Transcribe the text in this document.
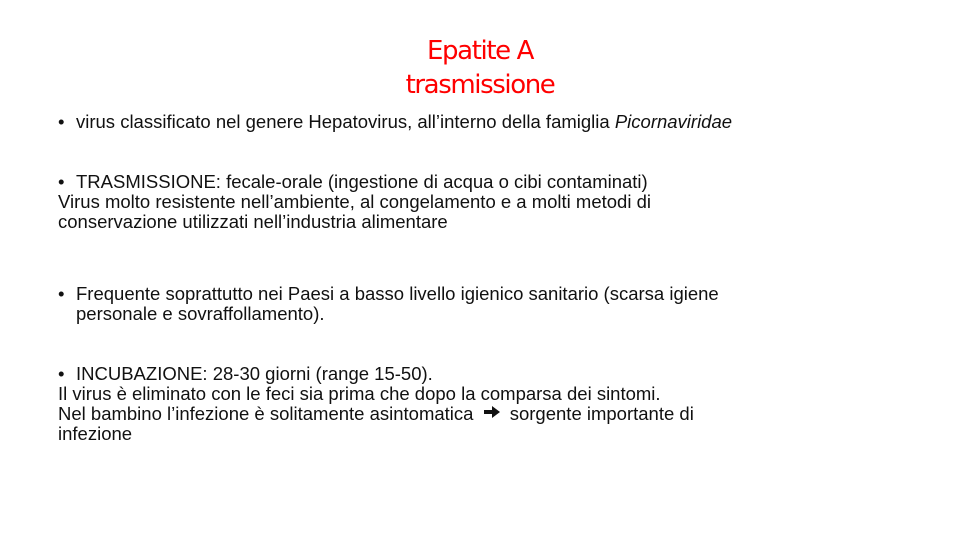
Epatite A
trasmissione
• virus classificato nel genere Hepatovirus, all’interno della famiglia Picornaviridae
• TRASMISSIONE: fecale-orale (ingestione di acqua o cibi contaminati)
Virus molto resistente nell’ambiente, al congelamento e a molti metodi di
conservazione utilizzati nell’industria alimentare
• Frequente soprattutto nei Paesi a basso livello igienico sanitario (scarsa igiene
personale e sovraffollamento).
• INCUBAZIONE: 28-30 giorni (range 15-50).
Il virus è eliminato con le feci sia prima che dopo la comparsa dei sintomi.
Nel bambino l’infezione è solitamente asintomatica  sorgente importante di
infezione
